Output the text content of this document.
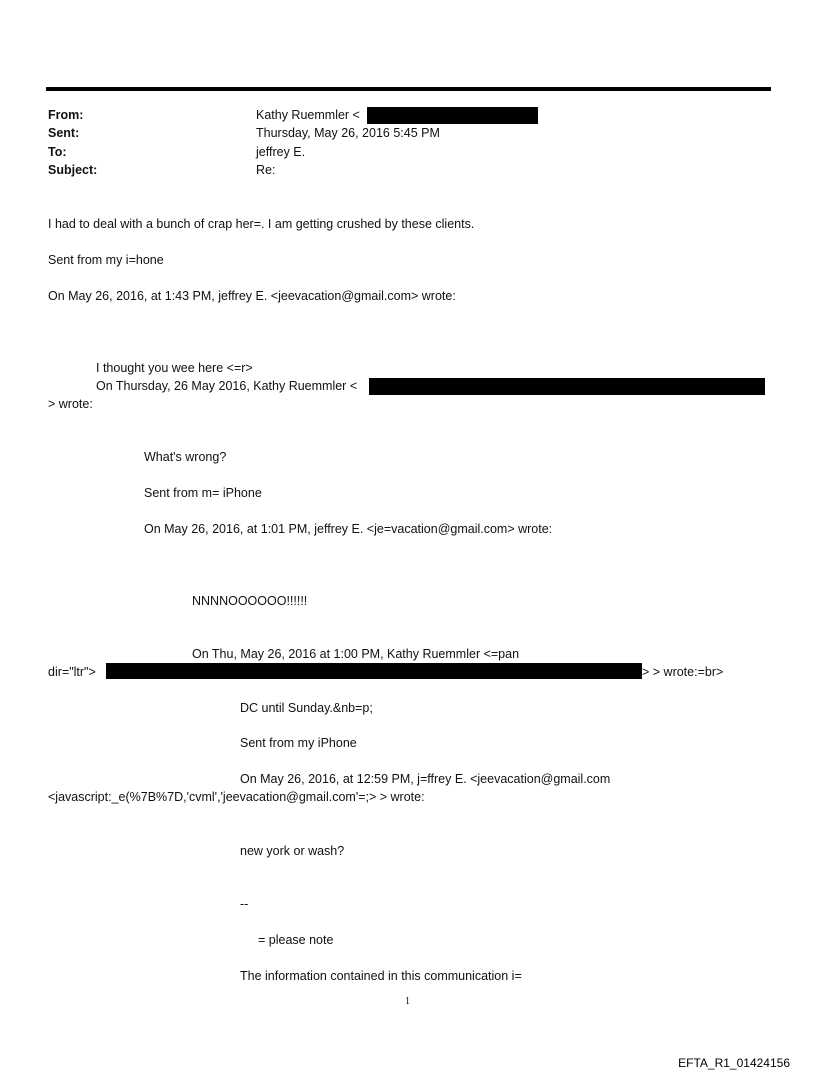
From:	Kathy Ruemmler <
Sent:	Thursday, May 26, 2016 5:45 PM
To:	jeffrey E.
Subject:	Re:
I had to deal with a bunch of crap her=. I am getting crushed by these clients.
Sent from my i=hone
On May 26, 2016, at 1:43 PM, jeffrey E. <jeevacation@gmail.com> wrote:
I thought you wee here <=r>
On Thursday, 26 May 2016, Kathy Ruemmler <
> wrote:
What's wrong?
Sent from m= iPhone
On May 26, 2016, at 1:01 PM, jeffrey E. <je=vacation@gmail.com> wrote:
NNNNOOOOOO!!!!!!
On Thu, May 26, 2016 at 1:00 PM, Kathy Ruemmler <=pan
dir="ltr">	> > wrote:=br>
DC until Sunday.&nb=p;
Sent from my iPhone
On May 26, 2016, at 12:59 PM, j=ffrey E. <jeevacation@gmail.com
<javascript:_e(%7B%7D,'cvml','jeevacation@gmail.com'=;> > wrote:
new york or wash?
--
= please note
The information contained in this communication i=
1
EFTA_R1_01424156
